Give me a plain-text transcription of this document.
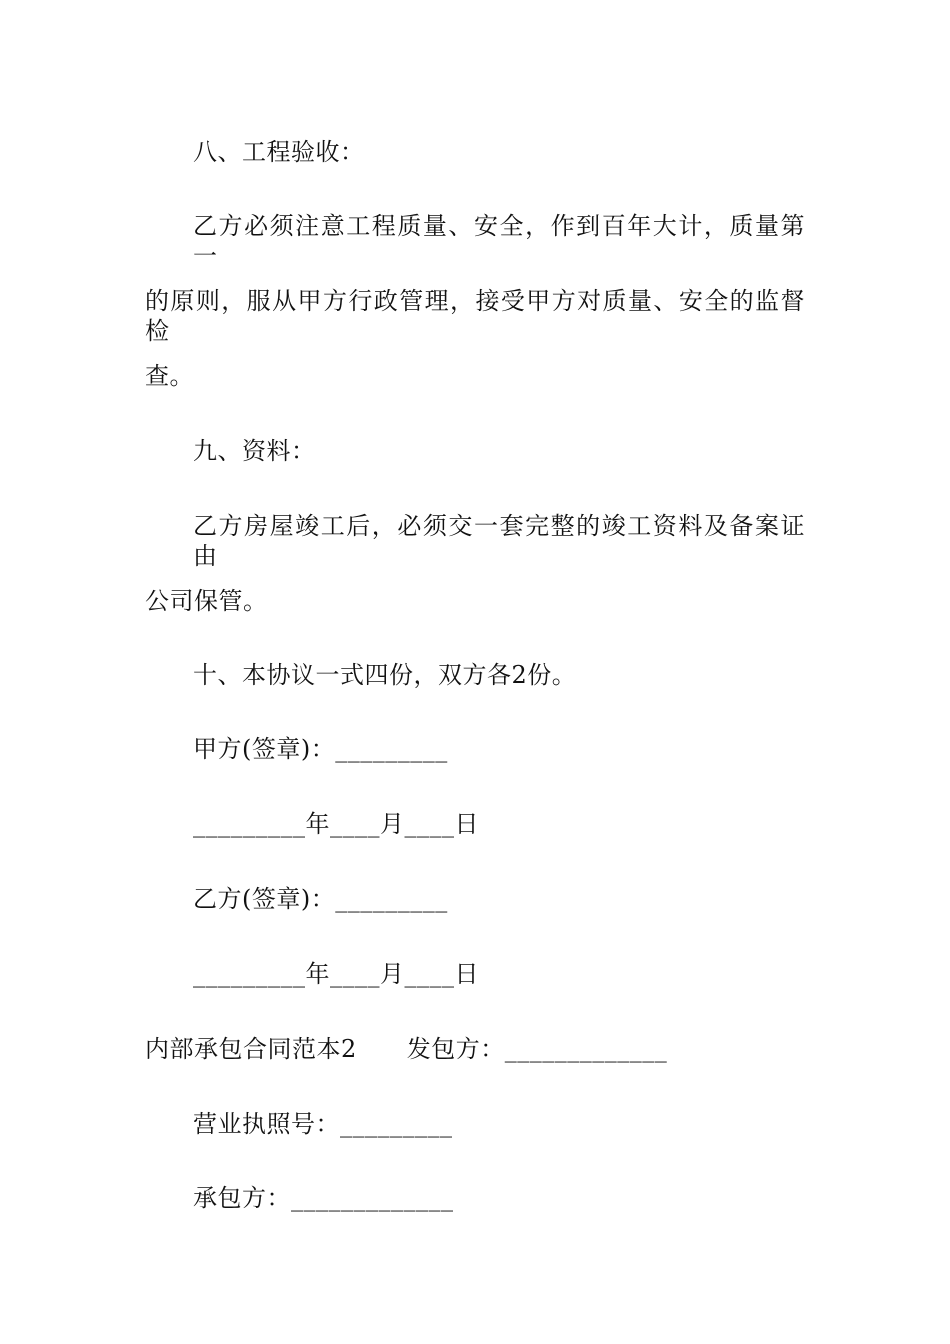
八、工程验收：
乙方必须注意工程质量、安全，作到百年大计，质量第一
的原则，服从甲方行政管理，接受甲方对质量、安全的监督检
查。
九、资料：
乙方房屋竣工后，必须交一套完整的竣工资料及备案证由
公司保管。
十、本协议一式四份，双方各2份。
甲方(签章)：_________
_________年____月____日
乙方(签章)：_________
_________年____月____日
内部承包合同范本2 发包方：_____________
营业执照号：_________
承包方：_____________
